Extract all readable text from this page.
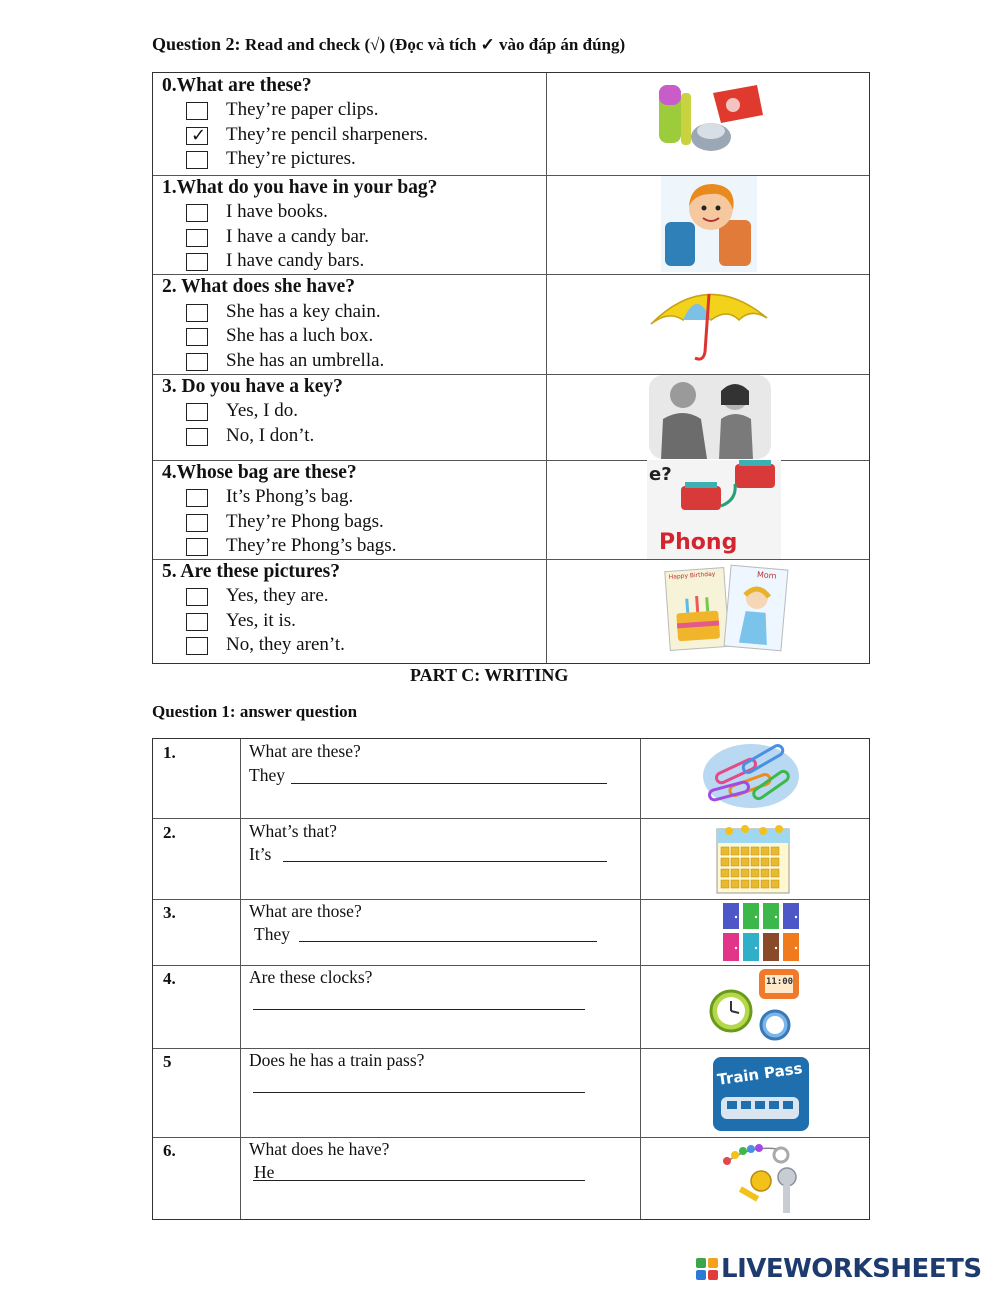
Question 2: Read and check (√) (Đọc và tích ✓ vào đáp án đúng)
0.What are these?
They’re paper clips.
✓ They’re pencil sharpeners.
They’re pictures.
1.What do you have in your bag?
I have books.
I have a candy bar.
I have candy bars.
2. What does she have?
She has a key chain.
She has a luch box.
She has an umbrella.
3. Do you have a key?
Yes, I do.
No, I don’t.
4.Whose bag are these?
It’s Phong’s bag.
They’re Phong bags.
They’re Phong’s bags.
e?
Phong
5. Are these pictures?
Yes, they are.
Yes, it is.
No, they aren’t.
Happy Birthday	Mom
PART C: WRITING
Question 1: answer question
1.	What are these?
They
2.	What’s that?
It’s
3.	What are those?
They
4.	Are these clocks?	11:00
5	Does he has a train pass?	Train Pass
6.	What does he have?
He
LIVEWORKSHEETS
